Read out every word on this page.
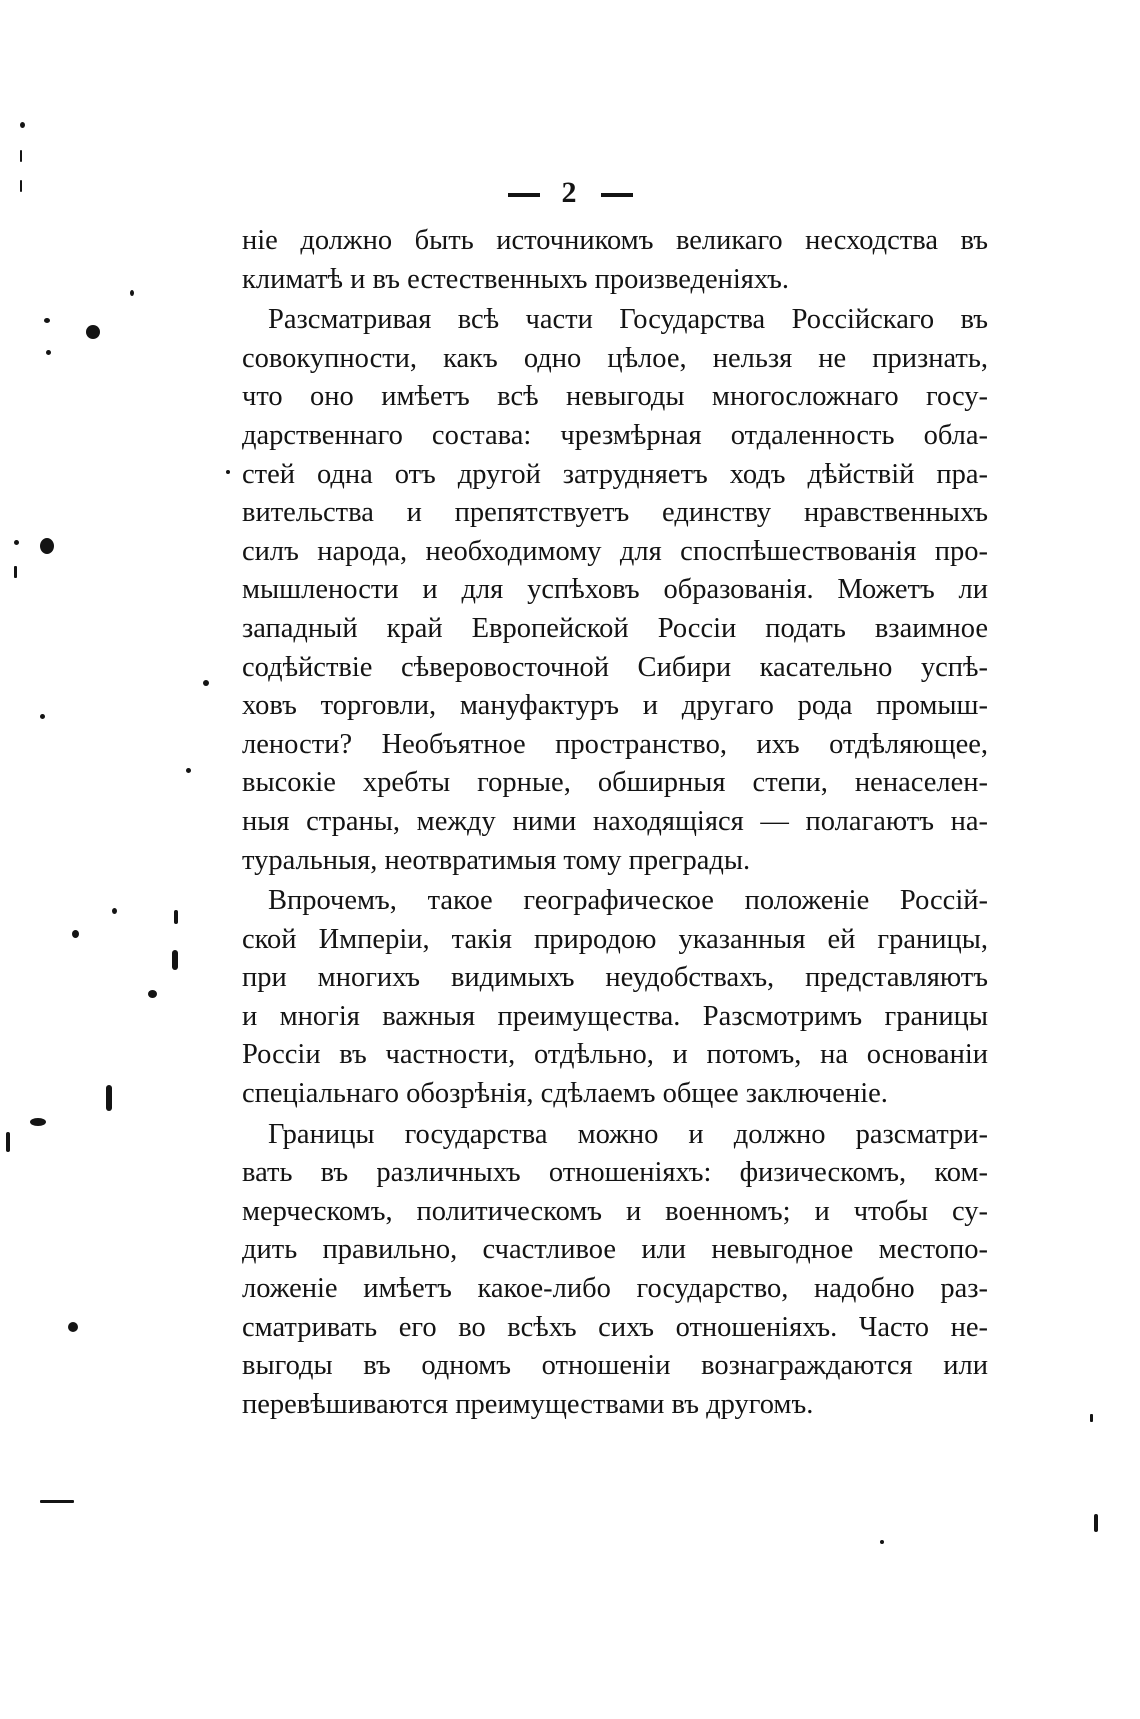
2
ніе должно быть источникомъ великаго несходства въ
климатѣ и въ естественныхъ произведеніяхъ.
Разсматривая всѣ части Государства Россійскаго въ
совокупности, какъ одно цѣлое, нельзя не признать,
что оно имѣетъ всѣ невыгоды многосложнаго госу-
дарственнаго состава: чрезмѣрная отдаленность обла-
стей одна отъ другой затрудняетъ ходъ дѣйствій пра-
вительства и препятствуетъ единству нравственныхъ
силъ народа, необходимому для споспѣшествованія про-
мышлености и для успѣховъ образованія. Можетъ ли
западный край Европейской Россіи подать взаимное
содѣйствіе сѣверовосточной Сибири касательно успѣ-
ховъ торговли, мануфактуръ и другаго рода промыш-
лености? Необъятное пространство, ихъ отдѣляющее,
высокіе хребты горные, обширныя степи, ненаселен-
ныя страны, между ними находящіяся — полагаютъ на-
туральныя, неотвратимыя тому преграды.
Впрочемъ, такое географическое положеніе Россій-
ской Имперіи, такія природою указанныя ей границы,
при многихъ видимыхъ неудобствахъ, представляютъ
и многія важныя преимущества. Разсмотримъ границы
Россіи въ частности, отдѣльно, и потомъ, на основаніи
спеціальнаго обозрѣнія, сдѣлаемъ общее заключеніе.
Границы государства можно и должно разсматри-
вать въ различныхъ отношеніяхъ: физическомъ, ком-
мерческомъ, политическомъ и военномъ; и чтобы су-
дить правильно, счастливое или невыгодное местопо-
ложеніе имѣетъ какое-либо государство, надобно раз-
сматривать его во всѣхъ сихъ отношеніяхъ. Часто не-
выгоды въ одномъ отношеніи вознаграждаются или
перевѣшиваются преимуществами въ другомъ.
